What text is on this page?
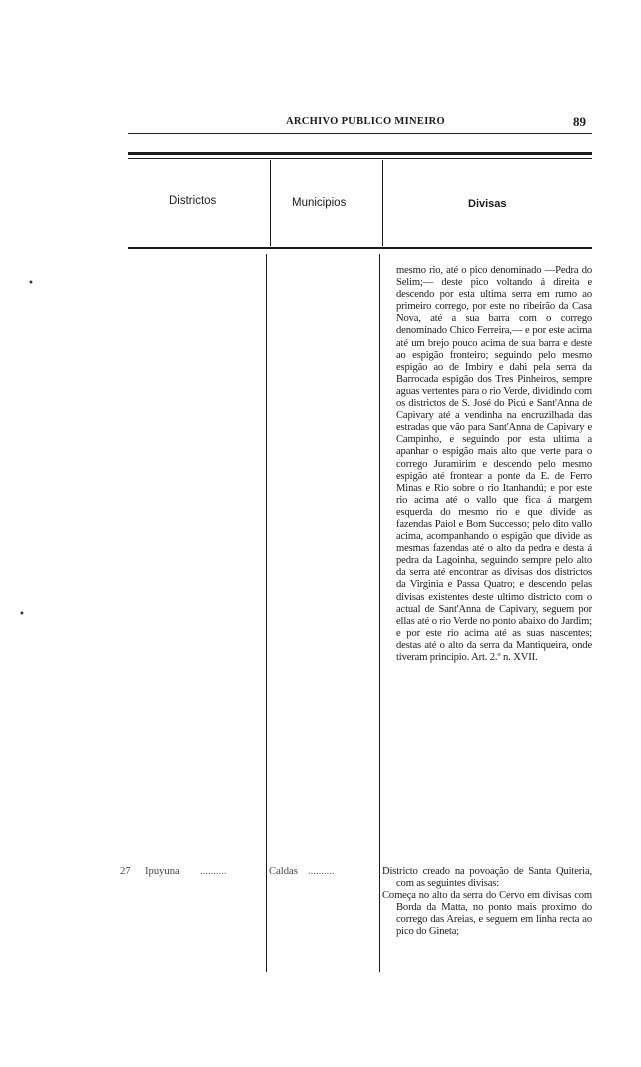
ARCHIVO PUBLICO MINEIRO	89
Districtos	Municipios	Divisas

mesmo rio, até o pico denominado —Pedra do Selim;— deste pico voltando á direita e descendo por esta ultima serra em rumo ao primeiro corrego, por este no ribeirão da Casa Nova, até a sua barra com o corrego denominado Chico Ferreira,— e por este acima até um brejo pouco acima de sua barra e deste ao espigão fronteiro; seguindo pelo mesmo espigão ao de Imbiry e dahi pela serra da Barrocada espigão dos Tres Pinheiros, sempre aguas vertentes para o rio Verde, dividindo com os districtos de S. José do Picú e Sant'Anna de Capivary até a vendinha na encruzilhada das estradas que vão para Sant'Anna de Capivary e Campinho, e seguindo por esta ultima a apanhar o espigão mais alto que verte para o corrego Juramirim e descendo pelo mesmo espigão até frontear a ponte da E. de Ferro Minas e Rio sobre o rio Itanhandú; e por este rio acima até o vallo que fica á margem esquerda do mesmo rio e que divide as fazendas Paiol e Bom Successo; pelo dito vallo acima, acompanhando o espigão que divide as mesmas fazendas até o alto da pedra e desta á pedra da Lagoinha, seguindo sempre pelo alto da serra até encontrar as divisas dos districtos da Virginia e Passa Quatro; e descendo pelas divisas existentes deste ultimo districto com o actual de Sant'Anna de Capivary, seguem por ellas até o rio Verde no ponto abaixo do Jardim; e por este rio acima até as suas nascentes; destas até o alto da serra da Mantiqueira, onde tiveram principio. Art. 2.º n. XVII.

27 Ipuyuna ..........	Caldas ..........	Districto creado na povoação de Santa Quiteria, com as seguintes divisas:

Começa no alto da serra do Cervo em divisas com Borda da Matta, no ponto mais proximo do corrego das Areias, e seguem em linha recta ao pico do Gineta;

•
•
